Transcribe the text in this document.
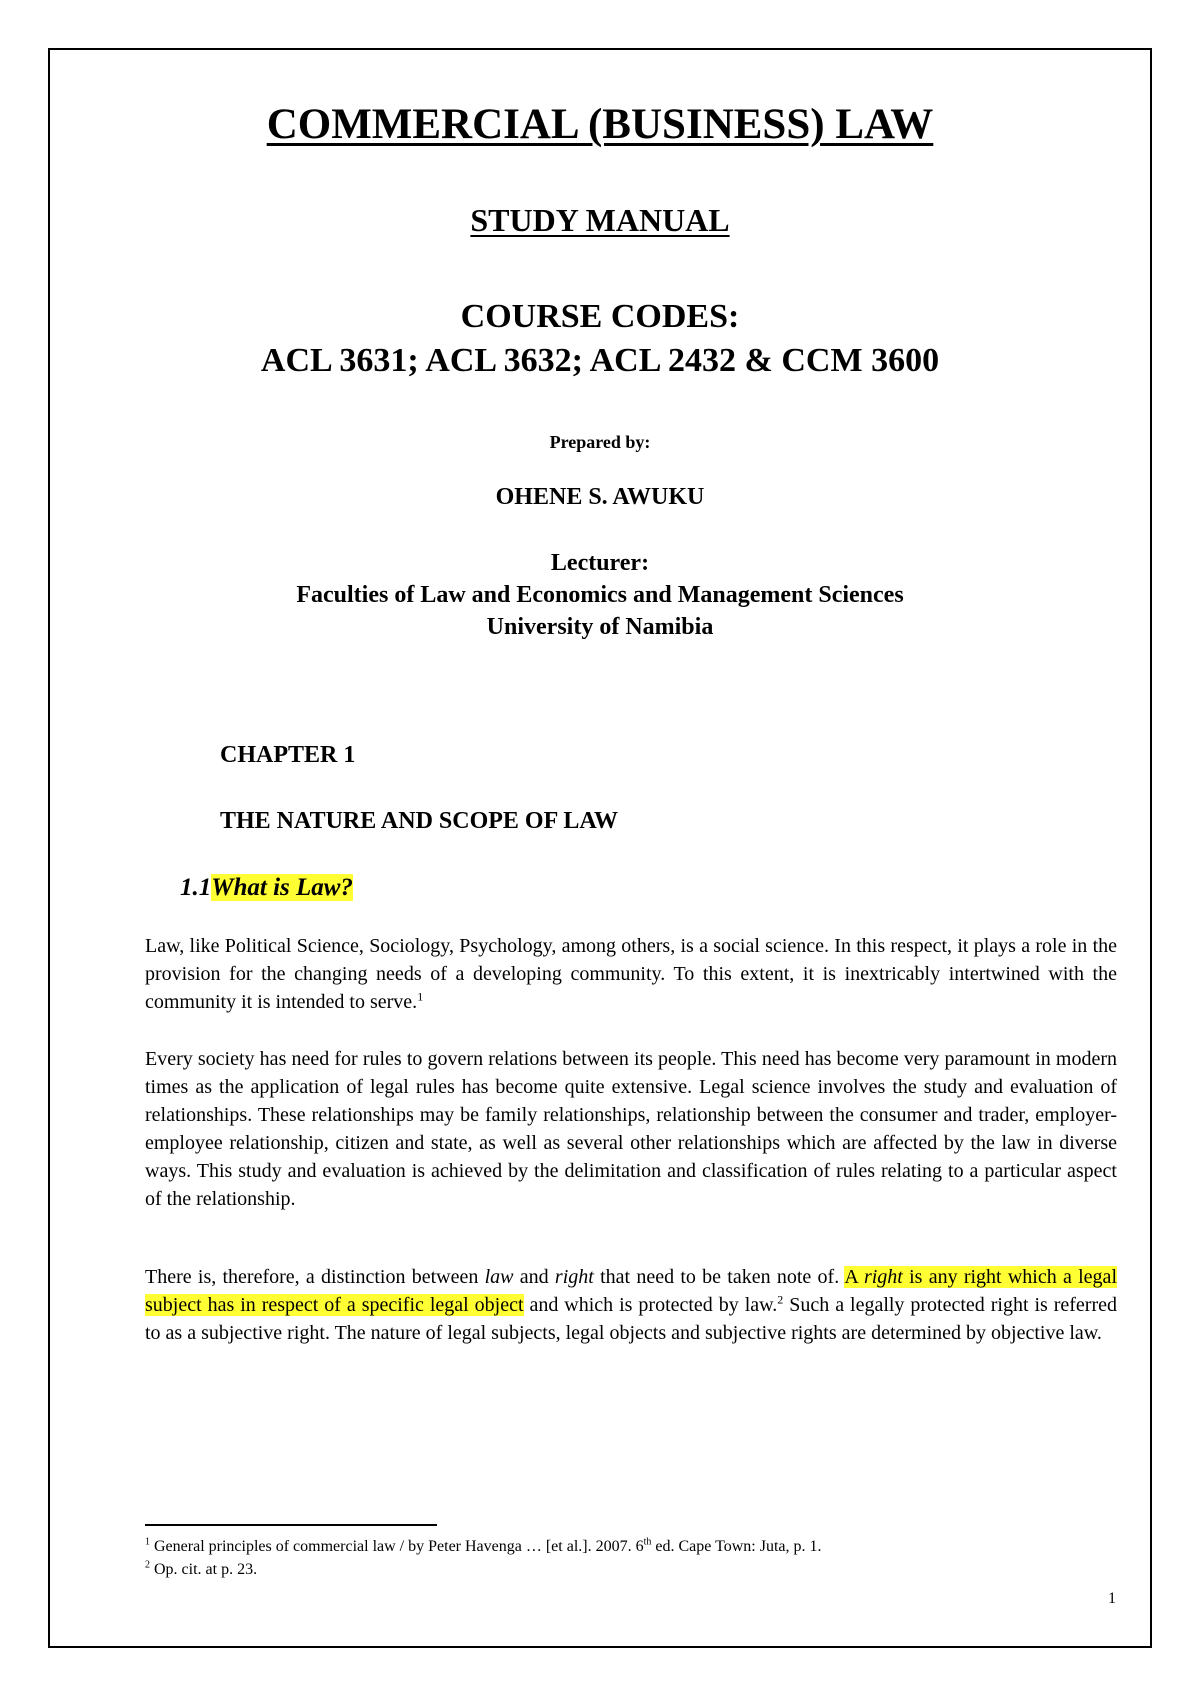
COMMERCIAL (BUSINESS) LAW
STUDY MANUAL
COURSE CODES:
ACL 3631; ACL 3632; ACL 2432 & CCM 3600
Prepared by:
OHENE S. AWUKU
Lecturer:
Faculties of Law and Economics and Management Sciences
University of Namibia
CHAPTER 1
THE NATURE AND SCOPE OF LAW
1.1What is Law?
Law, like Political Science, Sociology, Psychology, among others, is a social science. In this respect, it plays a role in the provision for the changing needs of a developing community. To this extent, it is inextricably intertwined with the community it is intended to serve.$^1$
Every society has need for rules to govern relations between its people. This need has become very paramount in modern times as the application of legal rules has become quite extensive. Legal science involves the study and evaluation of relationships. These relationships may be family relationships, relationship between the consumer and trader, employer-employee relationship, citizen and state, as well as several other relationships which are affected by the law in diverse ways. This study and evaluation is achieved by the delimitation and classification of rules relating to a particular aspect of the relationship.
There is, therefore, a distinction between law and right that need to be taken note of. A right is any right which a legal subject has in respect of a specific legal object and which is protected by law.$^2$ Such a legally protected right is referred to as a subjective right. The nature of legal subjects, legal objects and subjective rights are determined by objective law.
$^1$ General principles of commercial law / by Peter Havenga … [et al.]. 2007. 6th ed. Cape Town: Juta, p. 1.
$^2$ Op. cit. at p. 23.
1
